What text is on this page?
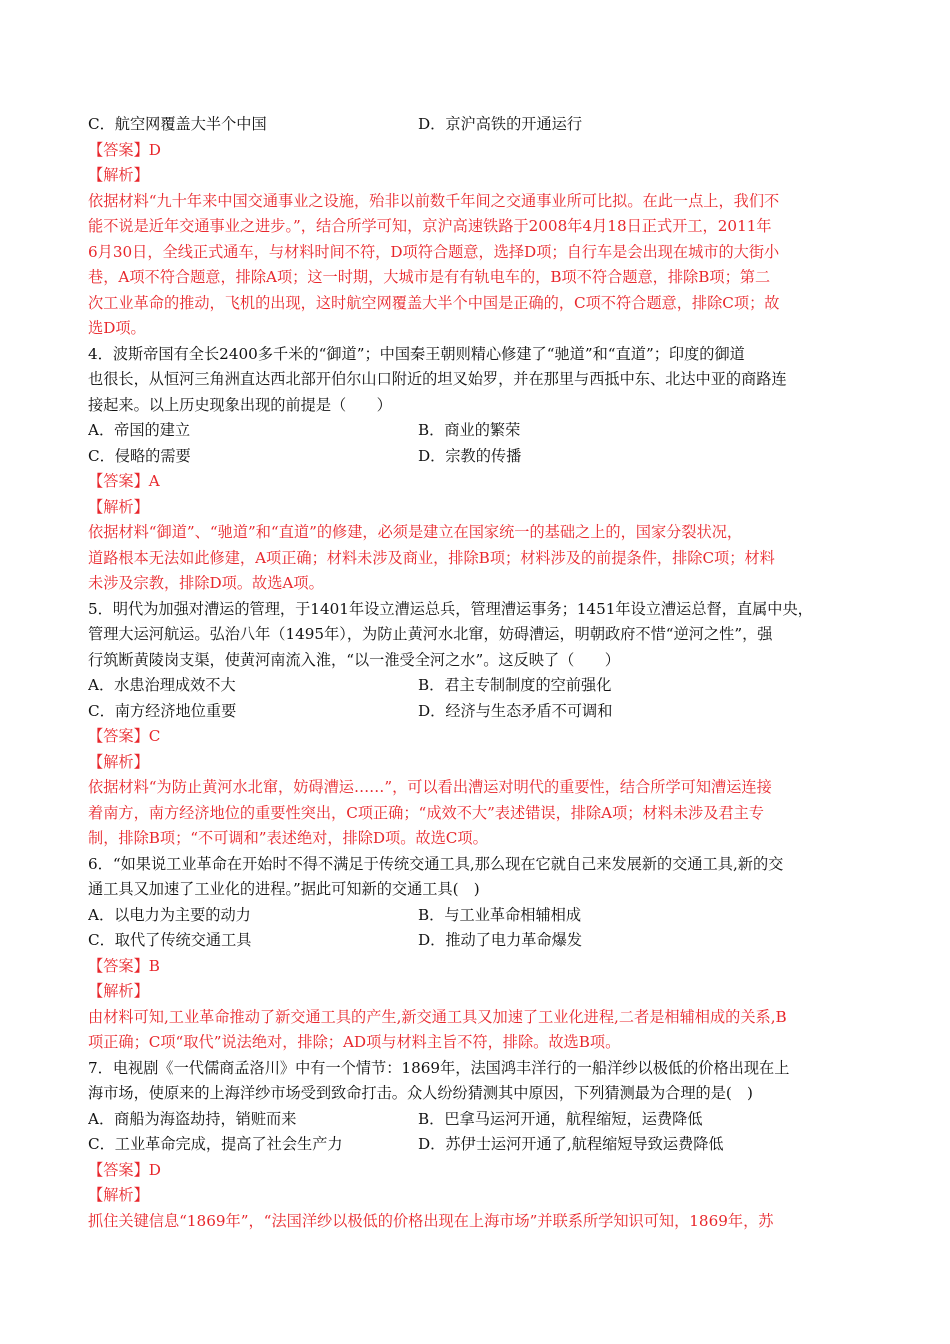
C．航空网覆盖大半个中国	D．京沪高铁的开通运行
【答案】D
【解析】
依据材料“九十年来中国交通事业之设施，殆非以前数千年间之交通事业所可比拟。在此一点上，我们不
能不说是近年交通事业之进步。”，结合所学可知，京沪高速铁路于2008年4月18日正式开工，2011年
6月30日，全线正式通车，与材料时间不符，D项符合题意，选择D项；自行车是会出现在城市的大街小
巷，A项不符合题意，排除A项；这一时期，大城市是有有轨电车的，B项不符合题意，排除B项；第二
次工业革命的推动，飞机的出现，这时航空网覆盖大半个中国是正确的，C项不符合题意，排除C项；故
选D项。
4．波斯帝国有全长2400多千米的“御道”；中国秦王朝则精心修建了“驰道”和“直道”；印度的御道
也很长，从恒河三角洲直达西北部开伯尔山口附近的坦叉始罗，并在那里与西抵中东、北达中亚的商路连
接起来。以上历史现象出现的前提是（　　）
A．帝国的建立	B．商业的繁荣
C．侵略的需要	D．宗教的传播
【答案】A
【解析】
依据材料“御道”、“驰道”和“直道”的修建，必须是建立在国家统一的基础之上的，国家分裂状况，
道路根本无法如此修建，A项正确；材料未涉及商业，排除B项；材料涉及的前提条件，排除C项；材料
未涉及宗教，排除D项。故选A项。
5．明代为加强对漕运的管理，于1401年设立漕运总兵，管理漕运事务；1451年设立漕运总督，直属中央，
管理大运河航运。弘治八年（1495年），为防止黄河水北窜，妨碍漕运，明朝政府不惜“逆河之性”，强
行筑断黄陵岗支渠，使黄河南流入淮，“以一淮受全河之水”。这反映了（　　）
A．水患治理成效不大	B．君主专制制度的空前强化
C．南方经济地位重要	D．经济与生态矛盾不可调和
【答案】C
【解析】
依据材料“为防止黄河水北窜，妨碍漕运……”，可以看出漕运对明代的重要性，结合所学可知漕运连接
着南方，南方经济地位的重要性突出，C项正确；“成效不大”表述错误，排除A项；材料未涉及君主专
制，排除B项；“不可调和”表述绝对，排除D项。故选C项。
6．“如果说工业革命在开始时不得不满足于传统交通工具,那么现在它就自己来发展新的交通工具,新的交
通工具又加速了工业化的进程。”据此可知新的交通工具(　)
A．以电力为主要的动力	B．与工业革命相辅相成
C．取代了传统交通工具	D．推动了电力革命爆发
【答案】B
【解析】
由材料可知,工业革命推动了新交通工具的产生,新交通工具又加速了工业化进程,二者是相辅相成的关系,B
项正确；C项“取代”说法绝对，排除；AD项与材料主旨不符，排除。故选B项。
7．电视剧《一代儒商孟洛川》中有一个情节：1869年，法国鸿丰洋行的一船洋纱以极低的价格出现在上
海市场，使原来的上海洋纱市场受到致命打击。众人纷纷猜测其中原因，下列猜测最为合理的是(　)
A．商船为海盗劫持，销赃而来	B．巴拿马运河开通，航程缩短，运费降低
C．工业革命完成，提高了社会生产力	D．苏伊士运河开通了,航程缩短导致运费降低
【答案】D
【解析】
抓住关键信息“1869年”，“法国洋纱以极低的价格出现在上海市场”并联系所学知识可知，1869年，苏
